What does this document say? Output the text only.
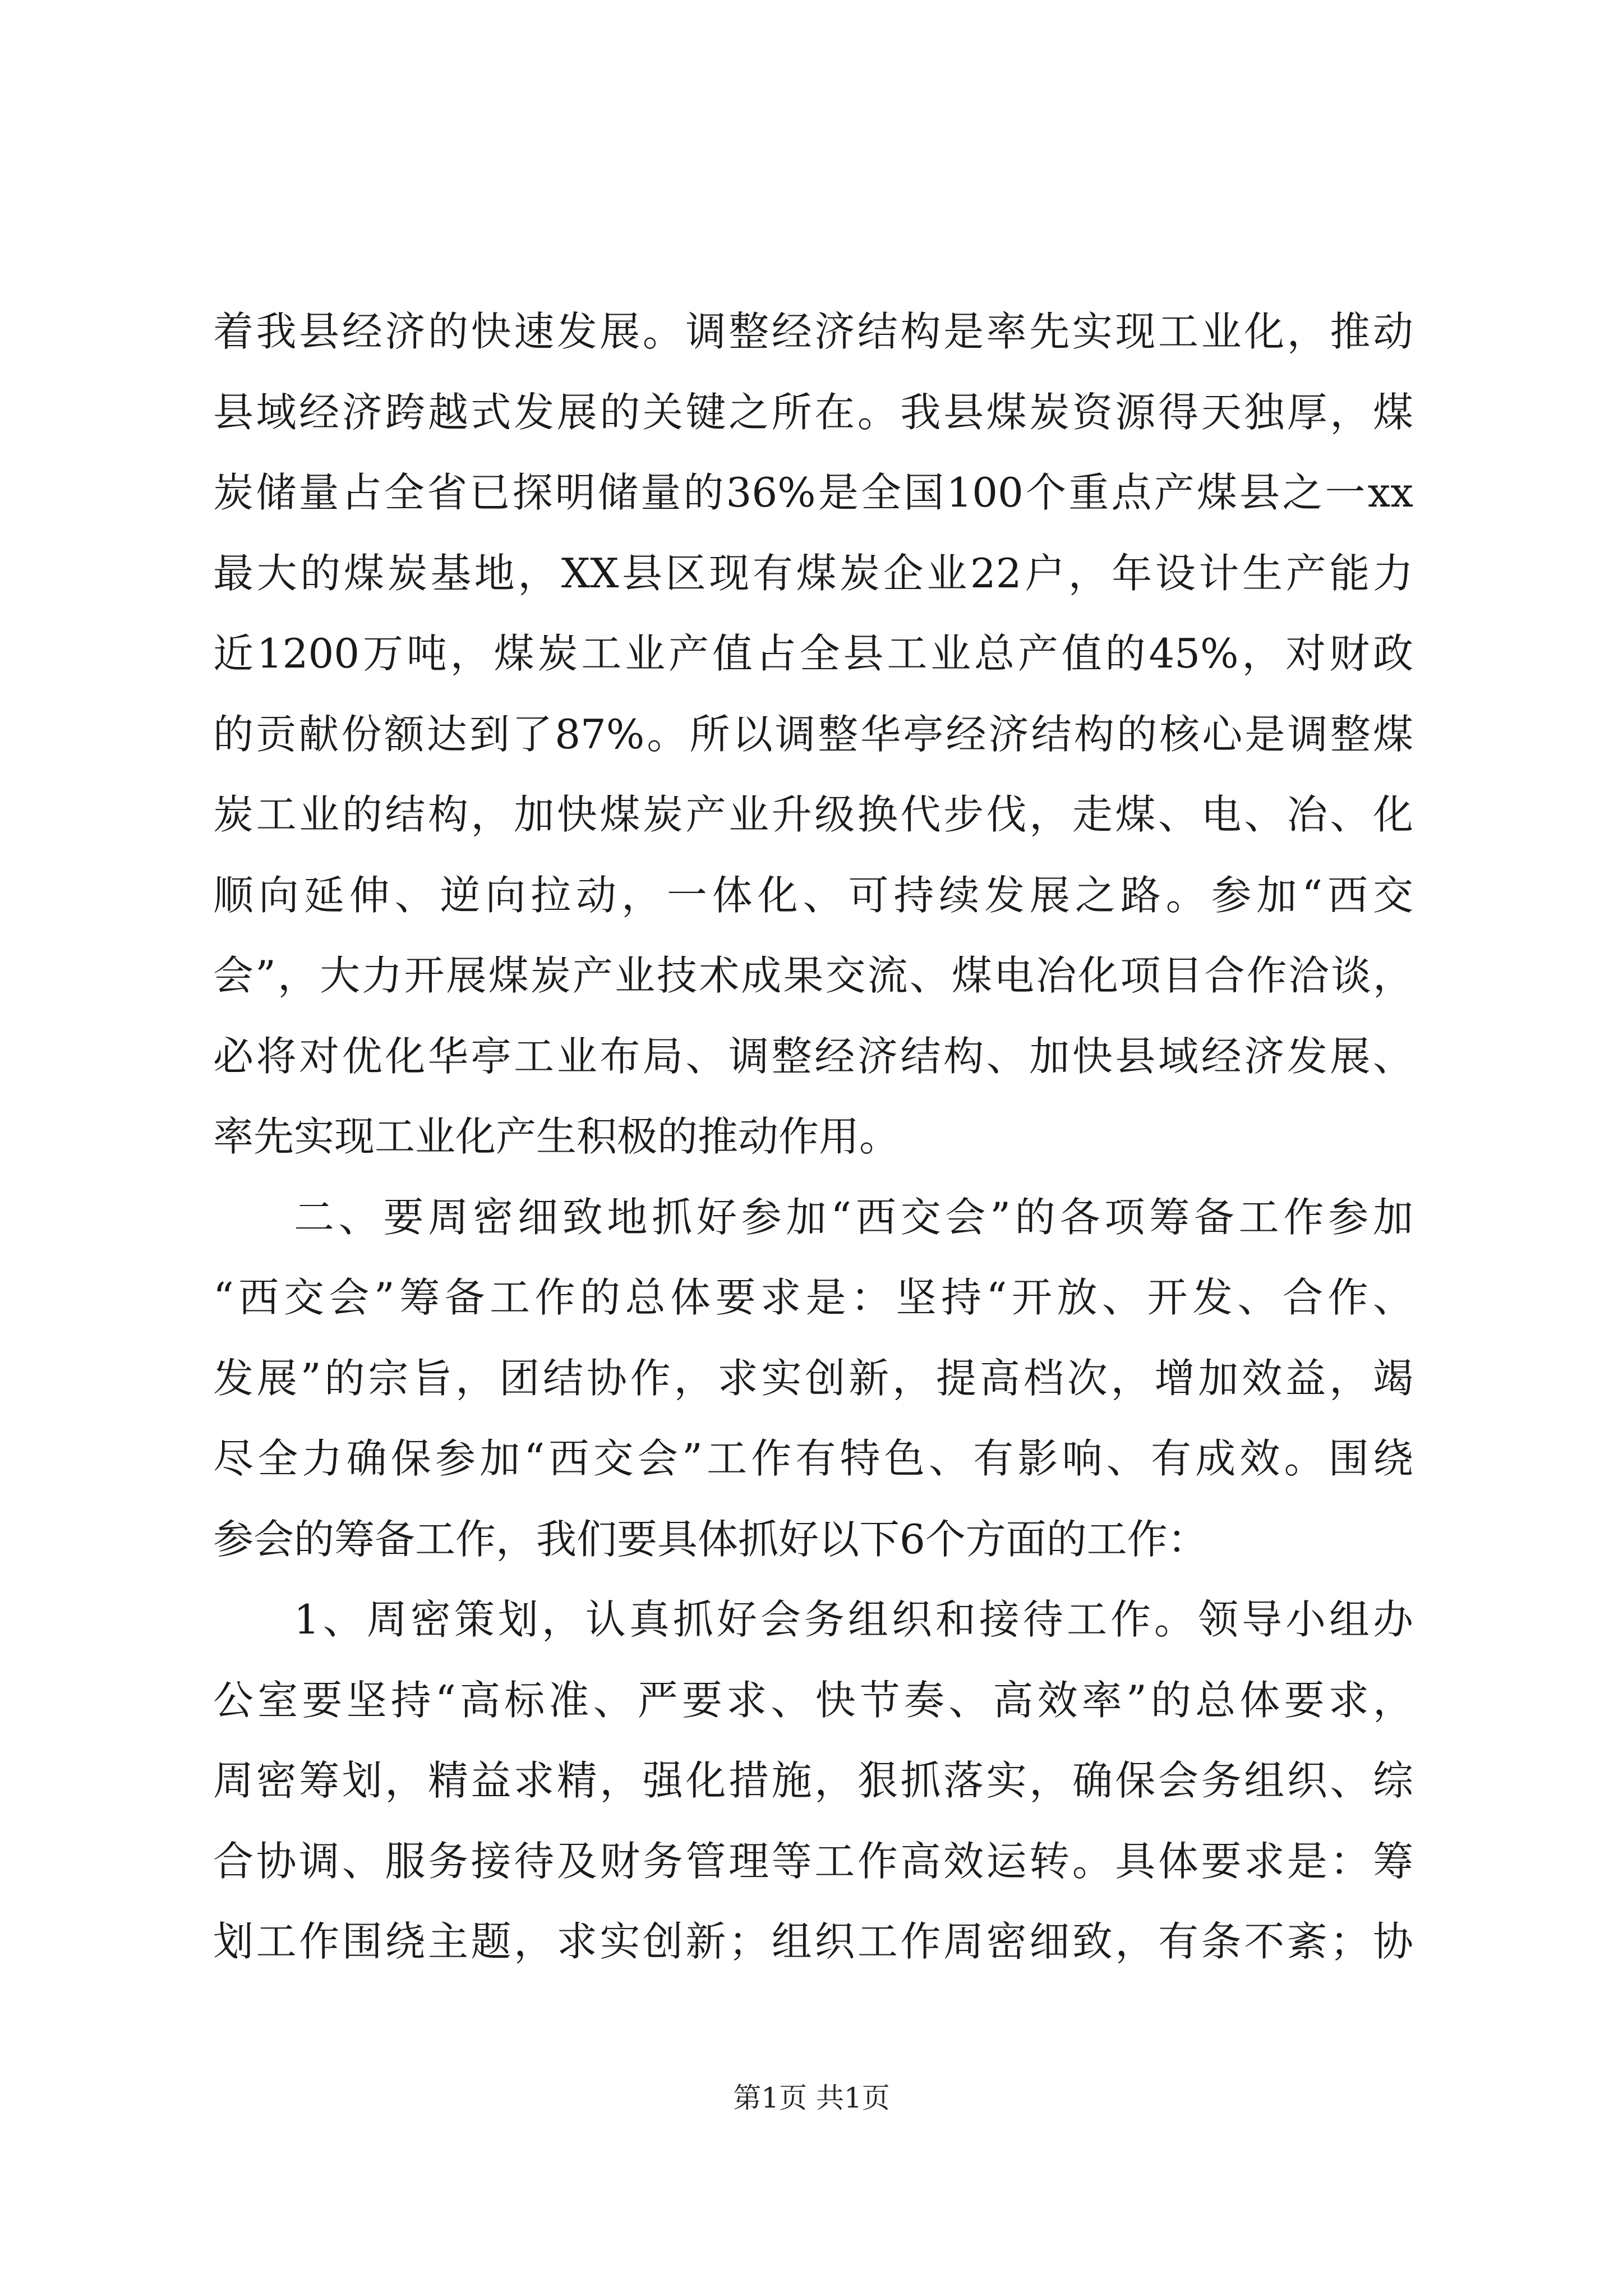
着我县经济的快速发展。调整经济结构是率先实现工业化，推动
县域经济跨越式发展的关键之所在。我县煤炭资源得天独厚，煤
炭储量占全省已探明储量的36%是全国100个重点产煤县之一xx
最大的煤炭基地，XX县区现有煤炭企业22户，年设计生产能力
近1200万吨，煤炭工业产值占全县工业总产值的45%，对财政
的贡献份额达到了87%。所以调整华亭经济结构的核心是调整煤
炭工业的结构，加快煤炭产业升级换代步伐，走煤、电、冶、化
顺向延伸、逆向拉动，一体化、可持续发展之路。参加“西交
会”，大力开展煤炭产业技术成果交流、煤电冶化项目合作洽谈，
必将对优化华亭工业布局、调整经济结构、加快县域经济发展、
率先实现工业化产生积极的推动作用。
二、要周密细致地抓好参加“西交会”的各项筹备工作参加
“西交会”筹备工作的总体要求是：坚持“开放、开发、合作、
发展”的宗旨，团结协作，求实创新，提高档次，增加效益，竭
尽全力确保参加“西交会”工作有特色、有影响、有成效。围绕
参会的筹备工作，我们要具体抓好以下6个方面的工作：
1、周密策划，认真抓好会务组织和接待工作。领导小组办
公室要坚持“高标准、严要求、快节奏、高效率”的总体要求，
周密筹划，精益求精，强化措施，狠抓落实，确保会务组织、综
合协调、服务接待及财务管理等工作高效运转。具体要求是：筹
划工作围绕主题，求实创新；组织工作周密细致，有条不紊；协
第1页 共1页
